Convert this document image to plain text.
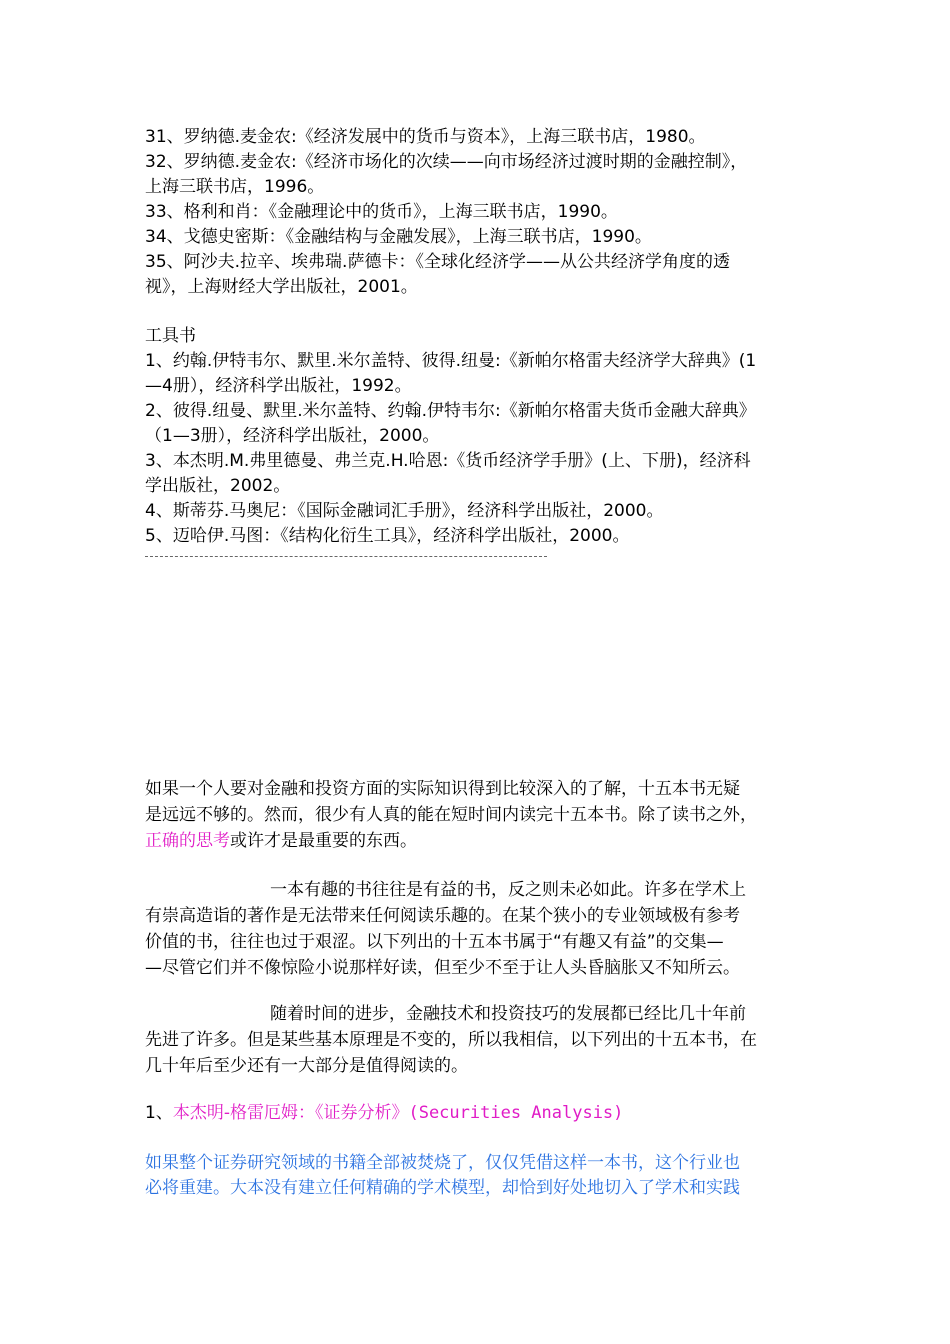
31、罗纳德.麦金农:《经济发展中的货币与资本》，上海三联书店，1980。
32、罗纳德.麦金农:《经济市场化的次续——向市场经济过渡时期的金融控制》，
上海三联书店，1996。
33、格利和肖：《金融理论中的货币》，上海三联书店，1990。
34、戈德史密斯：《金融结构与金融发展》，上海三联书店，1990。
35、阿沙夫.拉辛、埃弗瑞.萨德卡：《全球化经济学——从公共经济学角度的透
视》，上海财经大学出版社，2001。
工具书
1、约翰.伊特韦尔、默里.米尔盖特、彼得.纽曼:《新帕尔格雷夫经济学大辞典》(1
—4册），经济科学出版社，1992。
2、彼得.纽曼、默里.米尔盖特、约翰.伊特韦尔:《新帕尔格雷夫货币金融大辞典》
（1—3册），经济科学出版社，2000。
3、本杰明.M.弗里德曼、弗兰克.H.哈恩:《货币经济学手册》(上、下册)，经济科
学出版社，2002。
4、斯蒂芬.马奥尼：《国际金融词汇手册》，经济科学出版社，2000。
5、迈哈伊.马图：《结构化衍生工具》，经济科学出版社，2000。
如果一个人要对金融和投资方面的实际知识得到比较深入的了解，十五本书无疑
是远远不够的。然而，很少有人真的能在短时间内读完十五本书。除了读书之外，
正确的思考或许才是最重要的东西。
一本有趣的书往往是有益的书，反之则未必如此。许多在学术上
有崇高造诣的著作是无法带来任何阅读乐趣的。在某个狭小的专业领域极有参考
价值的书，往往也过于艰涩。以下列出的十五本书属于“有趣又有益”的交集—
—尽管它们并不像惊险小说那样好读，但至少不至于让人头昏脑胀又不知所云。
随着时间的进步，金融技术和投资技巧的发展都已经比几十年前
先进了许多。但是某些基本原理是不变的，所以我相信，以下列出的十五本书，在
几十年后至少还有一大部分是值得阅读的。
1、本杰明-格雷厄姆：《证券分析》(Securities Analysis)
如果整个证券研究领域的书籍全部被焚烧了，仅仅凭借这样一本书，这个行业也
必将重建。大本没有建立任何精确的学术模型，却恰到好处地切入了学术和实践
